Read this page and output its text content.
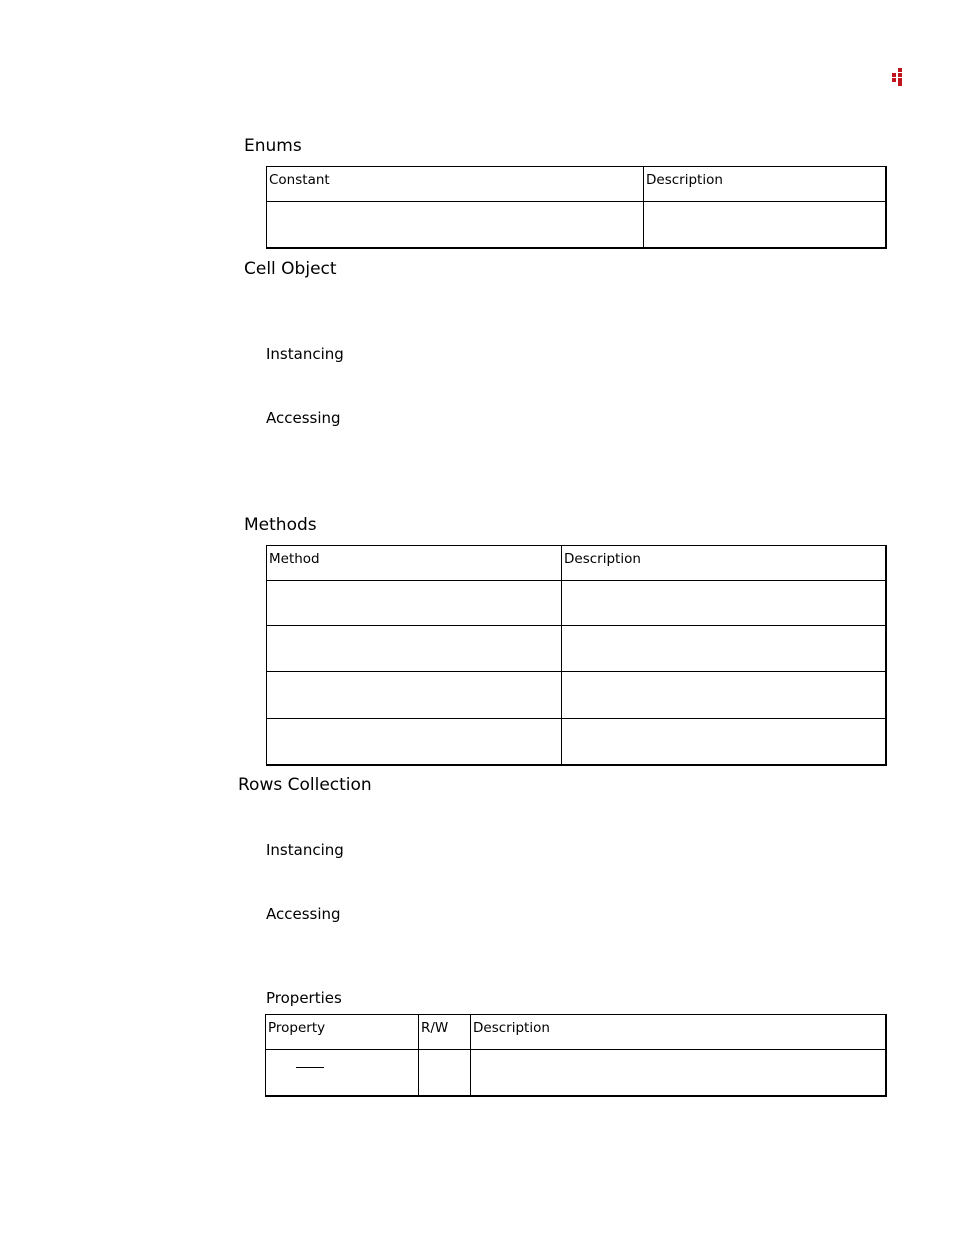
Enums
Constant	Description

Cell Object
Instancing
Accessing
Methods
Method	Description

Rows Collection
Instancing
Accessing
Properties
Property	R/W	Description
